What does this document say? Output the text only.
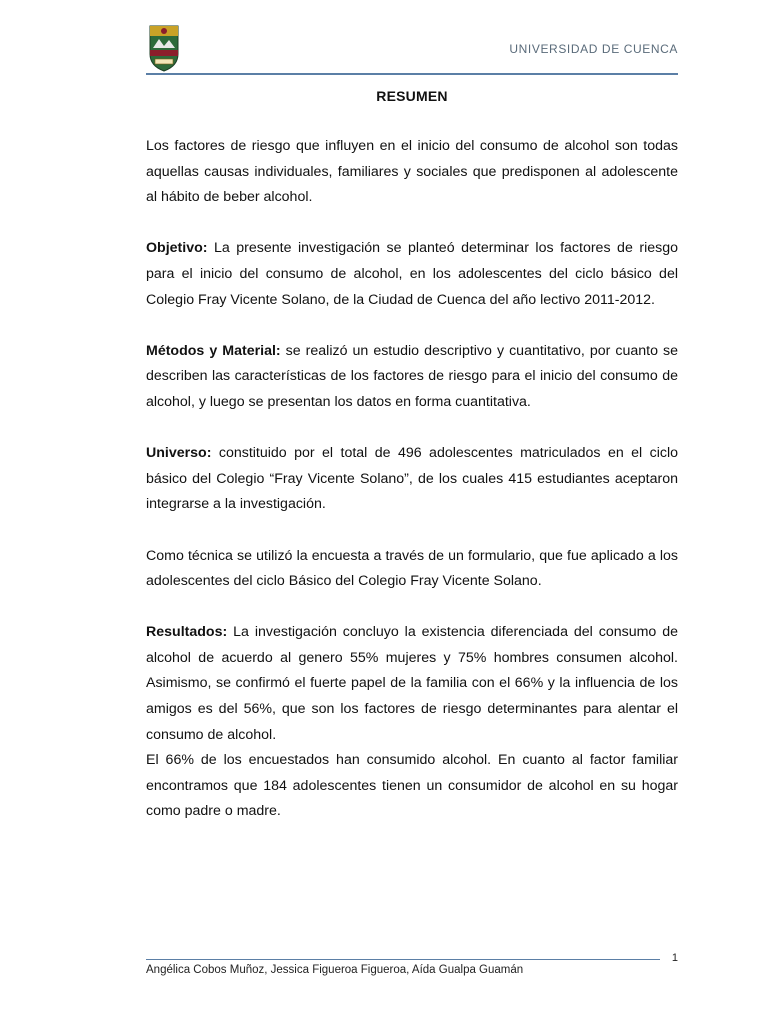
UNIVERSIDAD DE CUENCA
RESUMEN

Los factores de riesgo que influyen en el inicio del consumo de alcohol son todas aquellas causas individuales, familiares y sociales que predisponen al adolescente al hábito de beber alcohol.

Objetivo: La presente investigación se planteó determinar los factores de riesgo para el inicio del consumo de alcohol, en los adolescentes del ciclo básico del Colegio Fray Vicente Solano, de la Ciudad de Cuenca del año lectivo 2011-2012.

Métodos y Material: se realizó un estudio descriptivo y cuantitativo, por cuanto se describen las características de los factores de riesgo para el inicio del consumo de alcohol, y luego se presentan los datos en forma cuantitativa.

Universo: constituido por el total de 496 adolescentes matriculados en el ciclo básico del Colegio “Fray Vicente Solano”, de los cuales 415 estudiantes aceptaron integrarse a la investigación.

Como técnica se utilizó la encuesta a través de un formulario, que fue aplicado a los adolescentes del ciclo Básico del Colegio Fray Vicente Solano.

Resultados: La investigación concluyo la existencia diferenciada del consumo de alcohol de acuerdo al genero 55% mujeres y 75% hombres consumen alcohol. Asimismo, se confirmó el fuerte papel de la familia con el 66% y la influencia de los amigos es del 56%, que son los factores de riesgo determinantes para alentar el consumo de alcohol.

El 66% de los encuestados han consumido alcohol. En cuanto al factor familiar encontramos que 184 adolescentes tienen un consumidor de alcohol en su hogar como padre o madre.

1
Angélica Cobos Muñoz, Jessica Figueroa Figueroa, Aída Gualpa Guamán
